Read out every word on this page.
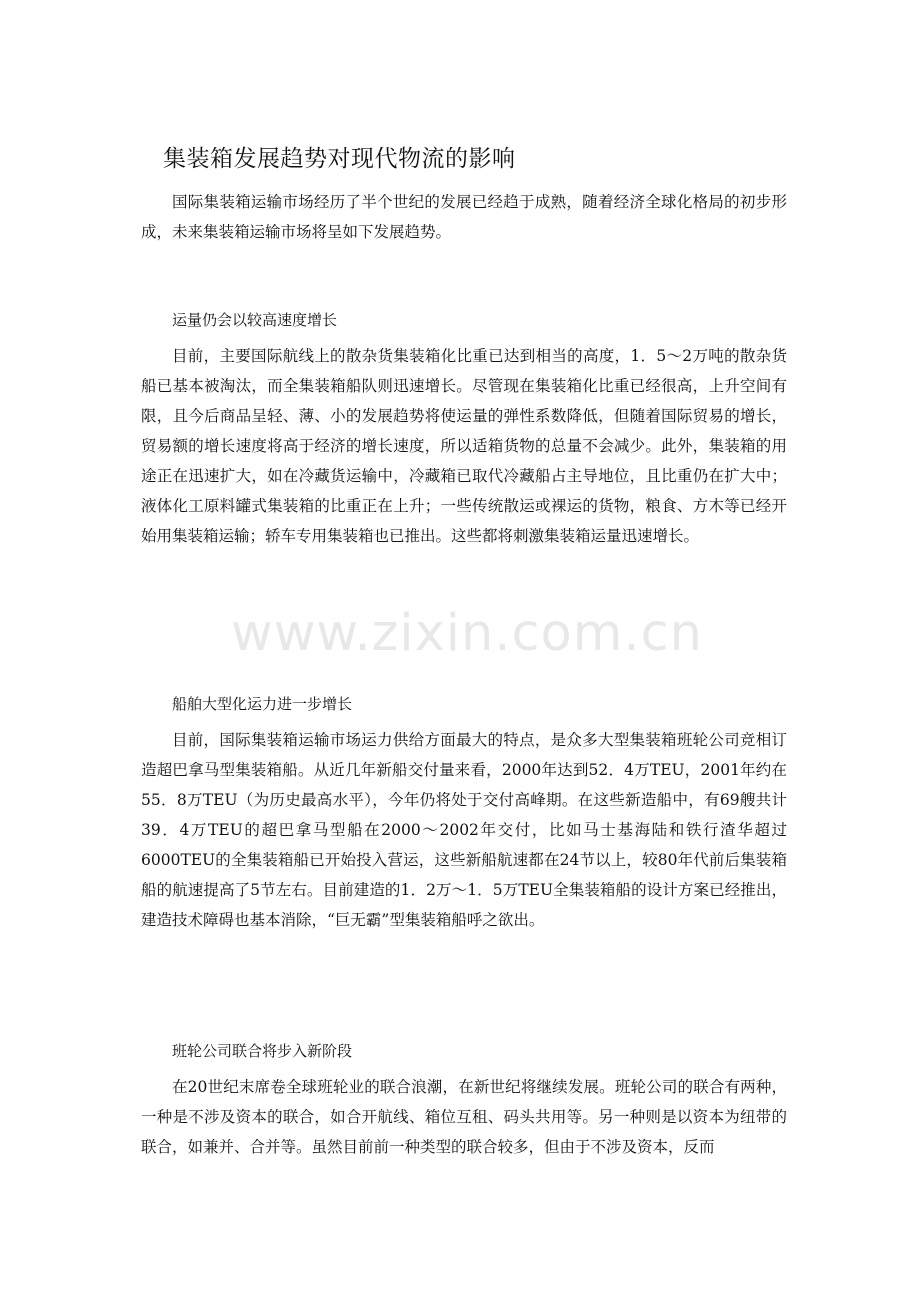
集装箱发展趋势对现代物流的影响

国际集装箱运输市场经历了半个世纪的发展已经趋于成熟，随着经济全球化格局的初步形成，未来集装箱运输市场将呈如下发展趋势。

运量仍会以较高速度增长

目前，主要国际航线上的散杂货集装箱化比重已达到相当的高度，1．5～2万吨的散杂货船已基本被淘汰，而全集装箱船队则迅速增长。尽管现在集装箱化比重已经很高，上升空间有限，且今后商品呈轻、薄、小的发展趋势将使运量的弹性系数降低，但随着国际贸易的增长，贸易额的增长速度将高于经济的增长速度，所以适箱货物的总量不会减少。此外，集装箱的用途正在迅速扩大，如在冷藏货运输中，冷藏箱已取代冷藏船占主导地位，且比重仍在扩大中；液体化工原料罐式集装箱的比重正在上升；一些传统散运或裸运的货物，粮食、方木等已经开始用集装箱运输；轿车专用集装箱也已推出。这些都将刺激集装箱运量迅速增长。

船舶大型化运力进一步增长

目前，国际集装箱运输市场运力供给方面最大的特点，是众多大型集装箱班轮公司竞相订造超巴拿马型集装箱船。从近几年新船交付量来看，2000年达到52．4万TEU，2001年约在55．8万TEU（为历史最高水平），今年仍将处于交付高峰期。在这些新造船中，有69艘共计39．4万TEU的超巴拿马型船在2000～2002年交付，比如马士基海陆和铁行渣华超过6000TEU的全集装箱船已开始投入营运，这些新船航速都在24节以上，较80年代前后集装箱船的航速提高了5节左右。目前建造的1．2万～1．5万TEU全集装箱船的设计方案已经推出，建造技术障碍也基本消除，“巨无霸”型集装箱船呼之欲出。

班轮公司联合将步入新阶段

在20世纪末席卷全球班轮业的联合浪潮，在新世纪将继续发展。班轮公司的联合有两种，一种是不涉及资本的联合，如合开航线、箱位互租、码头共用等。另一种则是以资本为纽带的联合，如兼并、合并等。虽然目前前一种类型的联合较多，但由于不涉及资本，反而

www.zixin.com.cn
